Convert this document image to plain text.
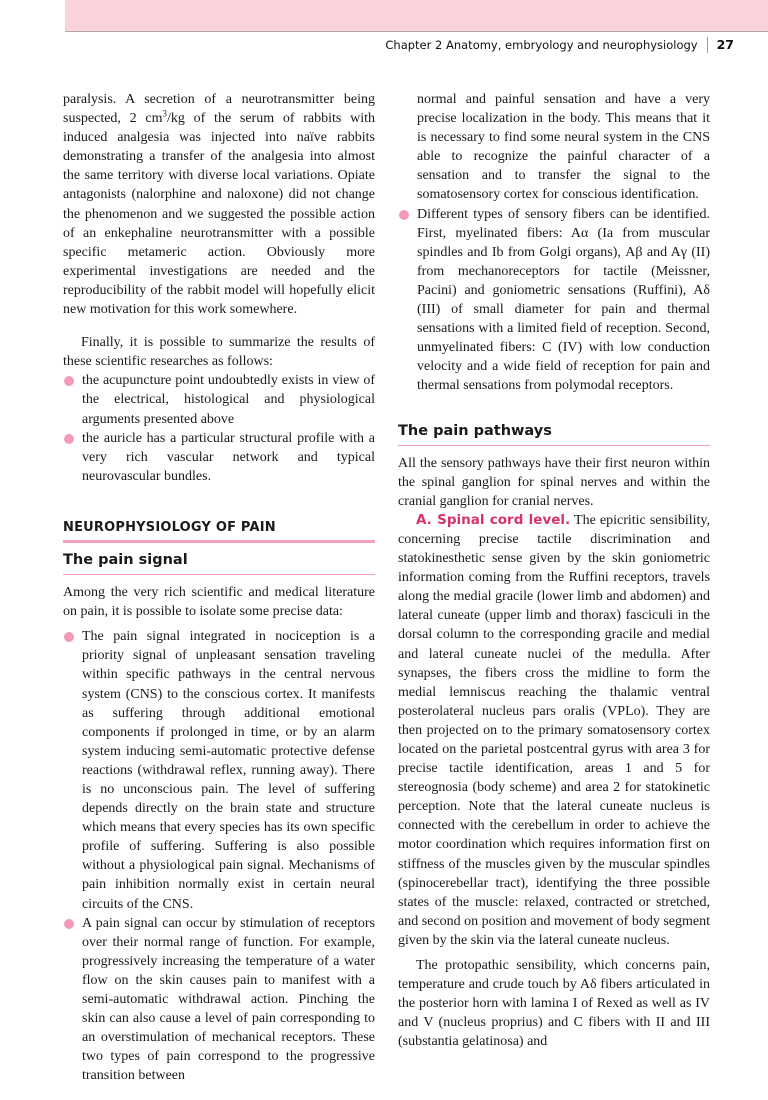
Chapter 2 Anatomy, embryology and neurophysiology 27

paralysis. A secretion of a neurotransmitter being suspected, 2 $cm^3/kg$ of the serum of rabbits with induced analgesia was injected into naïve rabbits demonstrating a transfer of the analgesia into almost the same territory with diverse local variations. Opiate antagonists (nalorphine and naloxone) did not change the phenomenon and we suggested the possible action of an enkephaline neurotransmitter with a possible specific metameric action. Obviously more experimental investigations are needed and the reproducibility of the rabbit model will hopefully elicit new motivation for this work somewhere.

Finally, it is possible to summarize the results of these scientific researches as follows:

the acupuncture point undoubtedly exists in view of the electrical, histological and physiological arguments presented above
the auricle has a particular structural profile with a very rich vascular network and typical neurovascular bundles.
NEUROPHYSIOLOGY OF PAIN
The pain signal

Among the very rich scientific and medical literature on pain, it is possible to isolate some precise data:

The pain signal integrated in nociception is a priority signal of unpleasant sensation traveling within specific pathways in the central nervous system (CNS) to the conscious cortex. It manifests as suffering through additional emotional components if prolonged in time, or by an alarm system inducing semi-automatic protective defense reactions (withdrawal reflex, running away). There is no unconscious pain. The level of suffering depends directly on the brain state and structure which means that every species has its own specific profile of suffering. Suffering is also possible without a physiological pain signal. Mechanisms of pain inhibition normally exist in certain neural circuits of the CNS.
A pain signal can occur by stimulation of receptors over their normal range of function. For example, progressively increasing the temperature of a water flow on the skin causes pain to manifest with a semi-automatic withdrawal action. Pinching the skin can also cause a level of pain corresponding to an overstimulation of mechanical receptors. These two types of pain correspond to the progressive transition between

normal and painful sensation and have a very precise localization in the body. This means that it is necessary to find some neural system in the CNS able to recognize the painful character of a sensation and to transfer the signal to the somatosensory cortex for conscious identification.

Different types of sensory fibers can be identified. First, myelinated fibers: Aα (Ia from muscular spindles and Ib from Golgi organs), Aβ and Aγ (II) from mechanoreceptors for tactile (Meissner, Pacini) and goniometric sensations (Ruffini), Aδ (III) of small diameter for pain and thermal sensations with a limited field of reception. Second, unmyelinated fibers: C (IV) with low conduction velocity and a wide field of reception for pain and thermal sensations from polymodal receptors.
The pain pathways

All the sensory pathways have their first neuron within the spinal ganglion for spinal nerves and within the cranial ganglion for cranial nerves.

A. Spinal cord level. The epicritic sensibility, concerning precise tactile discrimination and statokinesthetic sense given by the skin goniometric information coming from the Ruffini receptors, travels along the medial gracile (lower limb and abdomen) and lateral cuneate (upper limb and thorax) fasciculi in the dorsal column to the corresponding gracile and medial and lateral cuneate nuclei of the medulla. After synapses, the fibers cross the midline to form the medial lemniscus reaching the thalamic ventral posterolateral nucleus pars oralis (VPLo). They are then projected on to the primary somatosensory cortex located on the parietal postcentral gyrus with area 3 for precise tactile identification, areas 1 and 5 for stereognosia (body scheme) and area 2 for statokinetic perception. Note that the lateral cuneate nucleus is connected with the cerebellum in order to achieve the motor coordination which requires information first on stiffness of the muscles given by the muscular spindles (spinocerebellar tract), identifying the three possible states of the muscle: relaxed, contracted or stretched, and second on position and movement of body segment given by the skin via the lateral cuneate nucleus.

The protopathic sensibility, which concerns pain, temperature and crude touch by Aδ fibers articulated in the posterior horn with lamina I of Rexed as well as IV and V (nucleus proprius) and C fibers with II and III (substantia gelatinosa) and
